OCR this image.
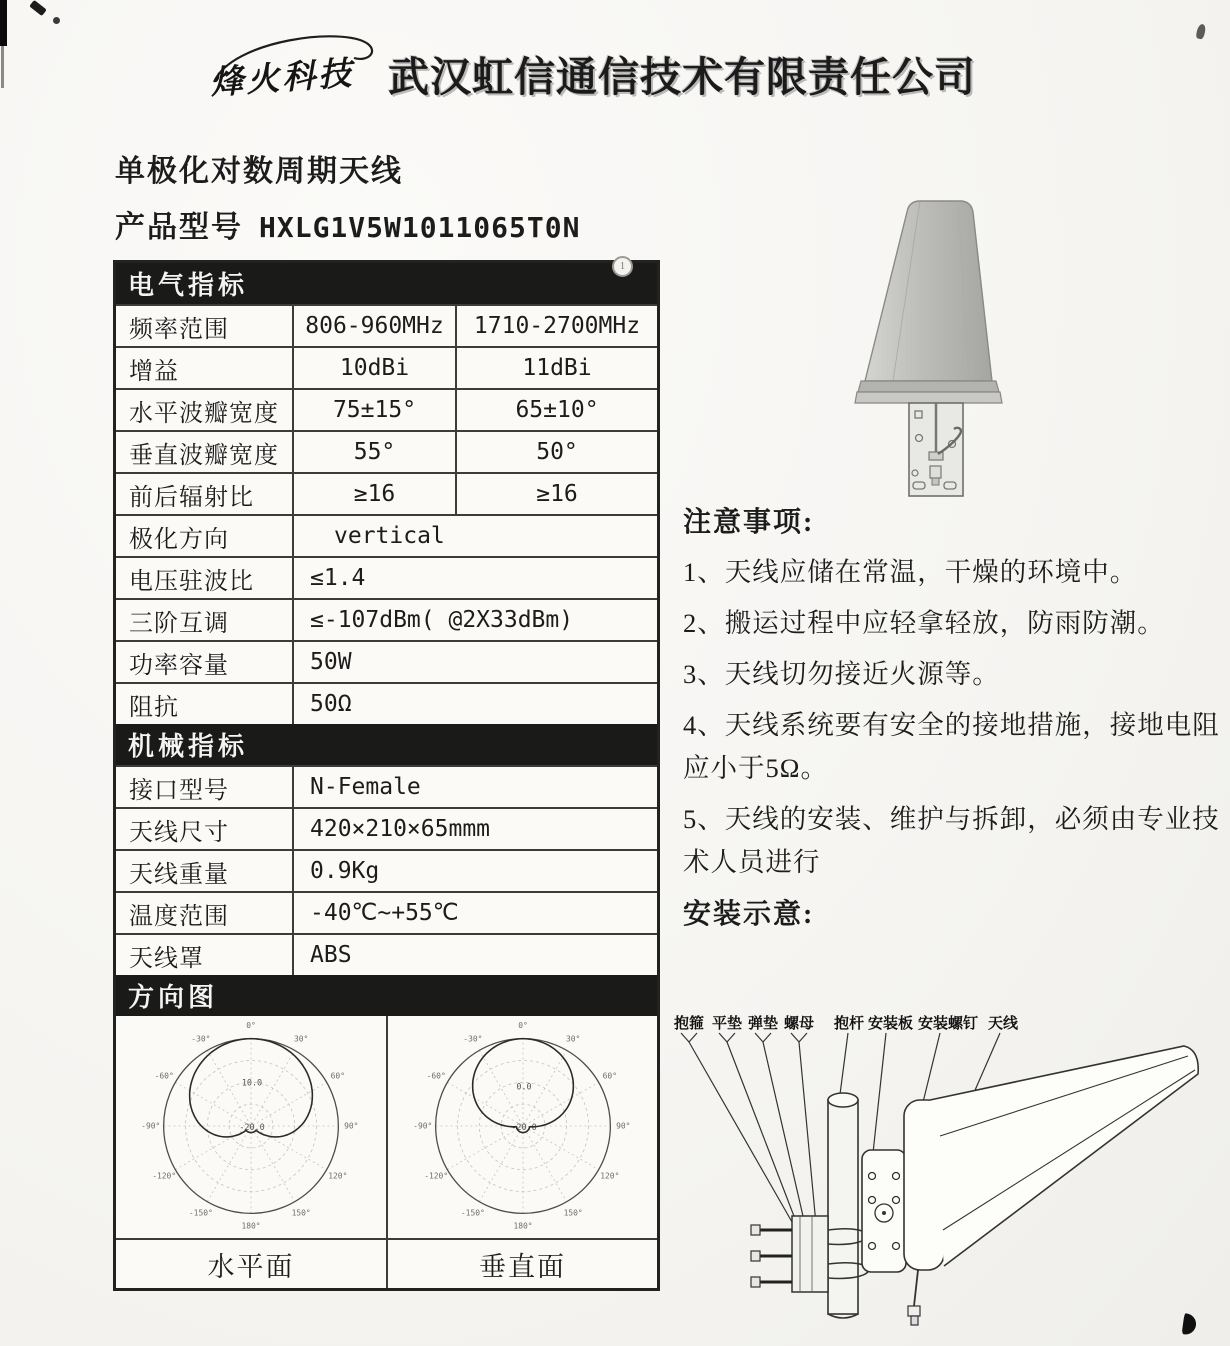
烽火科技 武汉虹信通信技术有限责任公司
单极化对数周期天线
产品型号 HXLG1V5W1011065T0N
电气指标
1
频率范围	806-960MHz	1710-2700MHz
增益	10dBi	11dBi
水平波瓣宽度	75±15°	65±10°
垂直波瓣宽度	55°	50°
前后辐射比	≥16	≥16
极化方向	vertical
电压驻波比	≤1.4
三阶互调	≤-107dBm( @2X33dBm)
功率容量	50W
阻抗	50Ω
机械指标
接口型号	N-Female
天线尺寸	420×210×65mmm
天线重量	0.9Kg
温度范围	-40℃~+55℃
天线罩	ABS
方向图
0°
30°
60°
90°
120°
150°
180°
-150°
-120°
-90°
-60°
-30°
10.0
-20.0
0°
30°
60°
90°
120°
150°
180°
-150°
-120°
-90°
-60°
-30°
0.0
-20.0
水平面	垂直面
注意事项:

1、天线应储在常温，干燥的环境中。

2、搬运过程中应轻拿轻放，防雨防潮。

3、天线切勿接近火源等。

4、天线系统要有安全的接地措施，接地电阻应小于5Ω。

5、天线的安装、维护与拆卸，必须由专业技术人员进行

安装示意:
抱箍 平垫 弹垫 螺母 抱杆 安装板 安装螺钉 天线
